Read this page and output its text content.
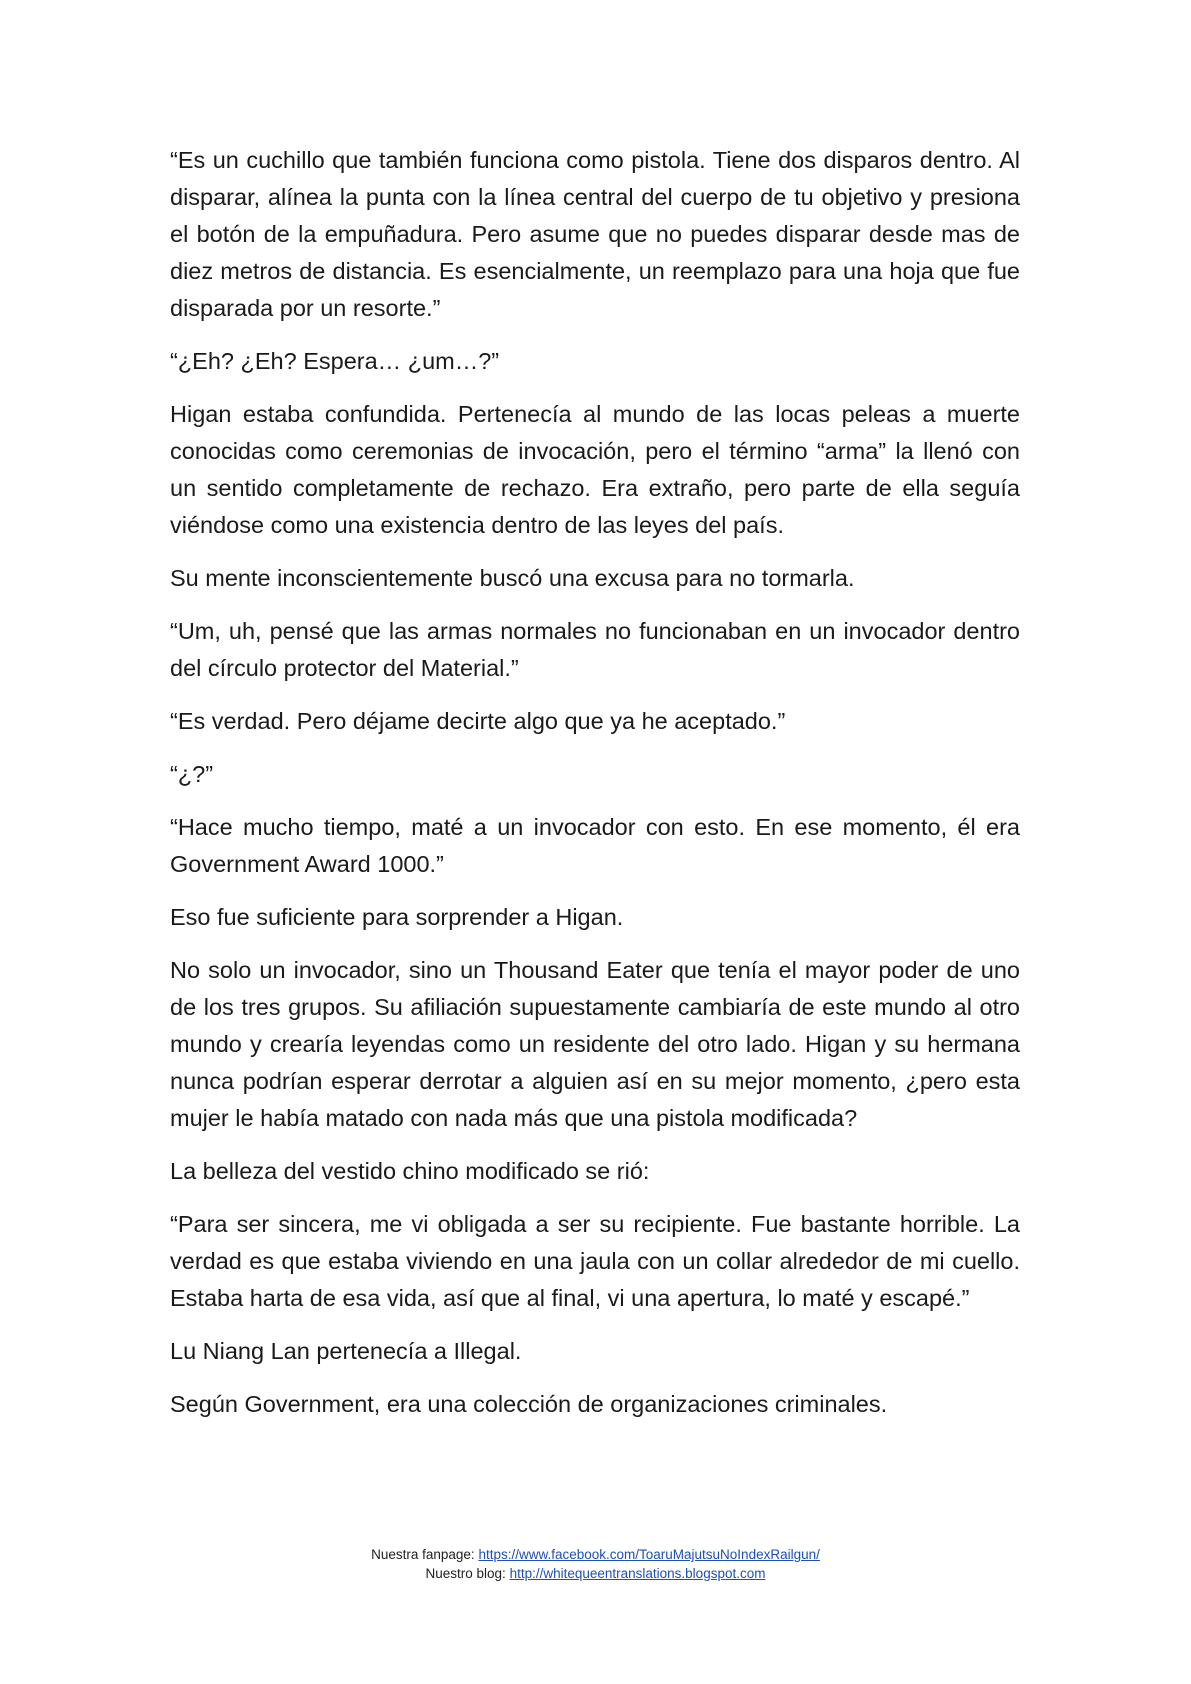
“Es un cuchillo que también funciona como pistola. Tiene dos disparos dentro. Al disparar, alínea la punta con la línea central del cuerpo de tu objetivo y presiona el botón de la empuñadura. Pero asume que no puedes disparar desde mas de diez metros de distancia. Es esencialmente, un reemplazo para una hoja que fue disparada por un resorte.”

“¿Eh? ¿Eh? Espera… ¿um…?”

Higan estaba confundida. Pertenecía al mundo de las locas peleas a muerte conocidas como ceremonias de invocación, pero el término “arma” la llenó con un sentido completamente de rechazo. Era extraño, pero parte de ella seguía viéndose como una existencia dentro de las leyes del país.

Su mente inconscientemente buscó una excusa para no tormarla.

“Um, uh, pensé que las armas normales no funcionaban en un invocador dentro del círculo protector del Material.”

“Es verdad. Pero déjame decirte algo que ya he aceptado.”

“¿?”

“Hace mucho tiempo, maté a un invocador con esto. En ese momento, él era Government Award 1000.”

Eso fue suficiente para sorprender a Higan.

No solo un invocador, sino un Thousand Eater que tenía el mayor poder de uno de los tres grupos. Su afiliación supuestamente cambiaría de este mundo al otro mundo y crearía leyendas como un residente del otro lado. Higan y su hermana nunca podrían esperar derrotar a alguien así en su mejor momento, ¿pero esta mujer le había matado con nada más que una pistola modificada?

La belleza del vestido chino modificado se rió:

“Para ser sincera, me vi obligada a ser su recipiente. Fue bastante horrible. La verdad es que estaba viviendo en una jaula con un collar alrededor de mi cuello. Estaba harta de esa vida, así que al final, vi una apertura, lo maté y escapé.”

Lu Niang Lan pertenecía a Illegal.

Según Government, era una colección de organizaciones criminales.

Nuestra fanpage: https://www.facebook.com/ToaruMajutsuNoIndexRailgun/
Nuestro blog: http://whitequeentranslations.blogspot.com
